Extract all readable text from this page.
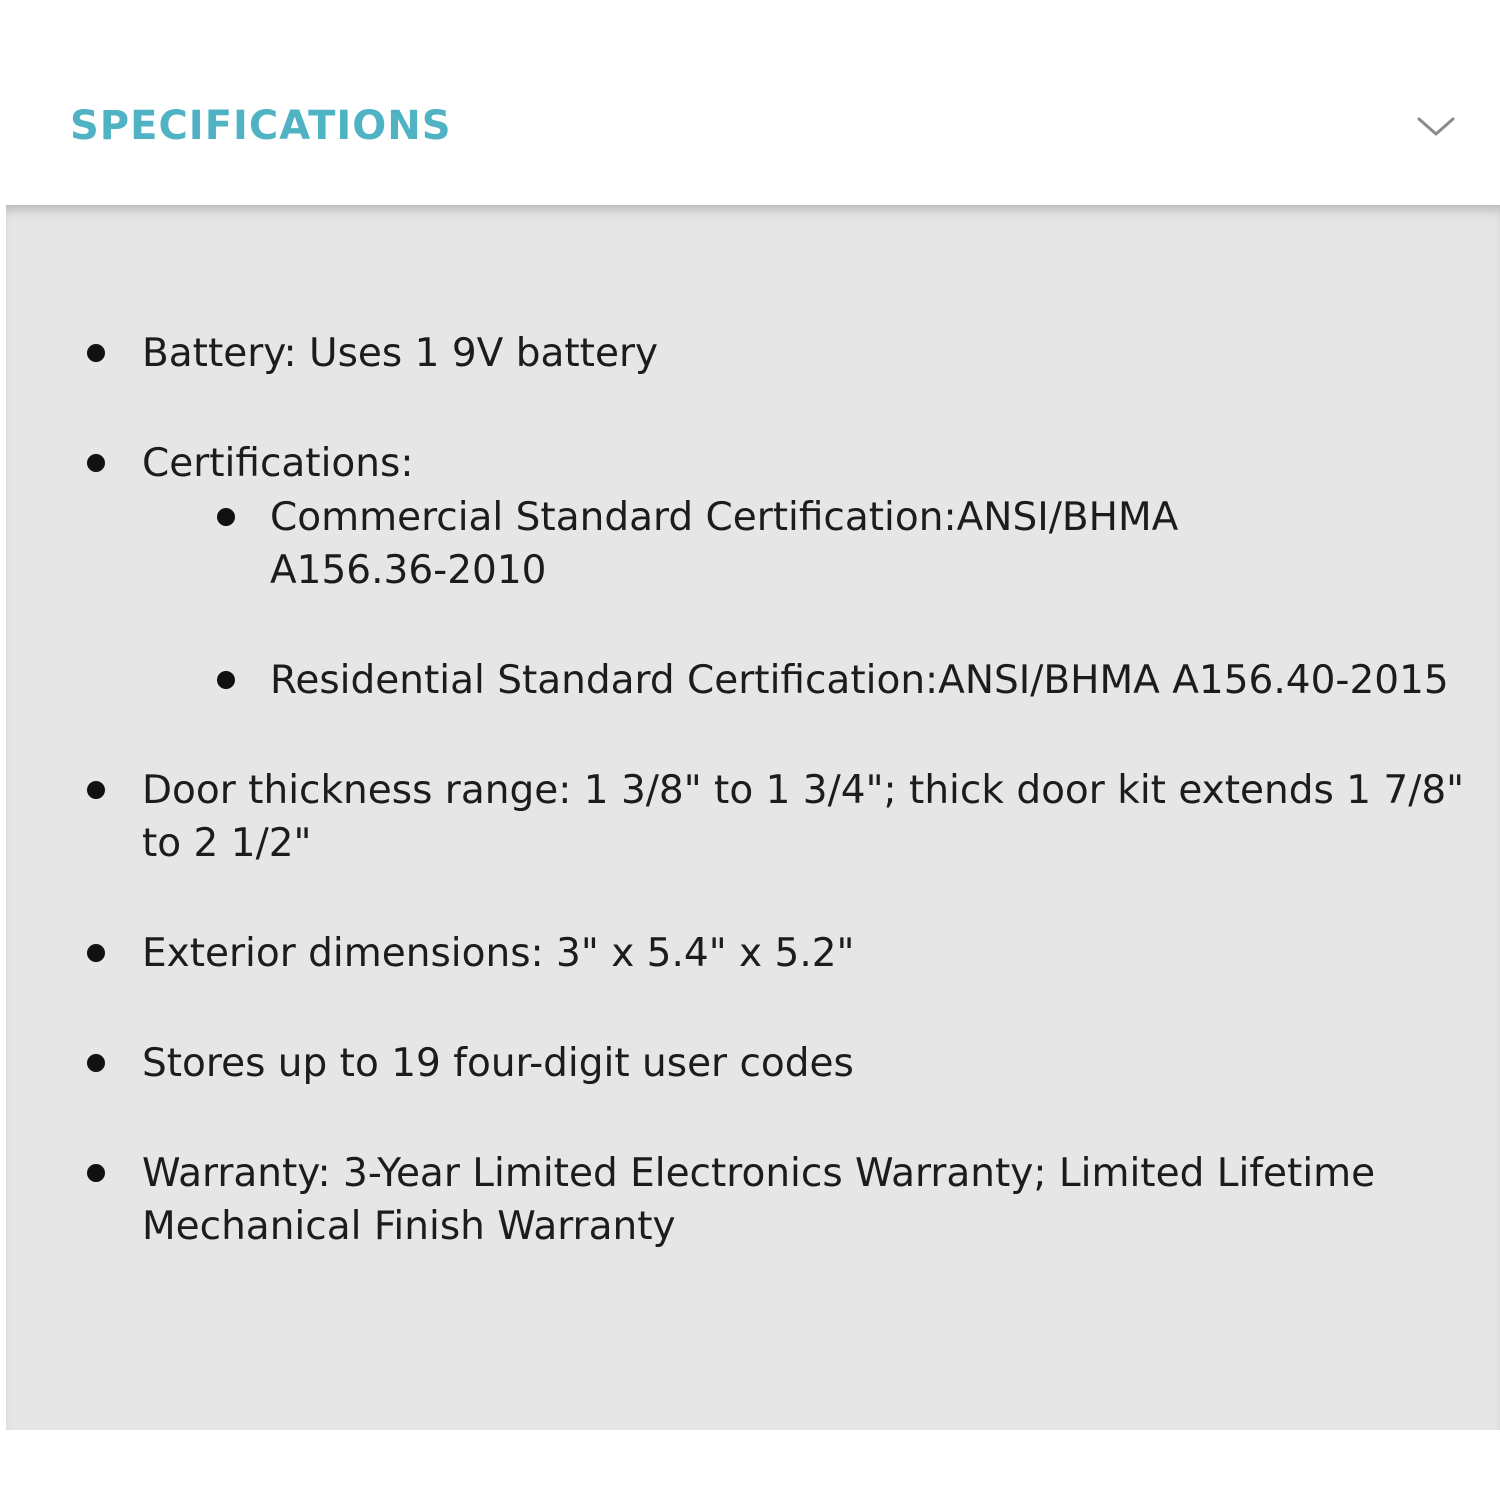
SPECIFICATIONS
Battery: Uses 1 9V battery
Certifications:
Commercial Standard Certification:ANSI/BHMA
A156.36-2010
Residential Standard Certification:ANSI/BHMA A156.40-2015
Door thickness range: 1 3/8" to 1 3/4"; thick door kit extends 1 7/8"
to 2 1/2"
Exterior dimensions: 3" x 5.4" x 5.2"
Stores up to 19 four-digit user codes
Warranty: 3-Year Limited Electronics Warranty; Limited Lifetime
Mechanical Finish Warranty
